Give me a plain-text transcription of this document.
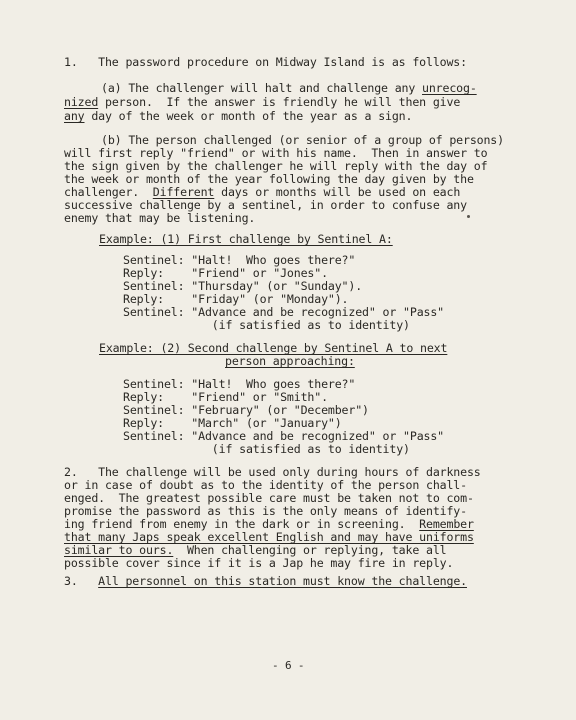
1.   The password procedure on Midway Island is as follows:
(a) The challenger will halt and challenge any unrecog-
nized person.  If the answer is friendly he will then give
any day of the week or month of the year as a sign.
(b) The person challenged (or senior of a group of persons)
will first reply "friend" or with his name.  Then in answer to
the sign given by the challenger he will reply with the day of
the week or month of the year following the day given by the
challenger.  Different days or months will be used on each
successive challenge by a sentinel, in order to confuse any
enemy that may be listening.
Example: (1) First challenge by Sentinel A:
Sentinel: "Halt!  Who goes there?"
Reply:    "Friend" or "Jones".
Sentinel: "Thursday" (or "Sunday").
Reply:    "Friday" (or "Monday").
Sentinel: "Advance and be recognized" or "Pass"
(if satisfied as to identity)
Example: (2) Second challenge by Sentinel A to next
person approaching:
Sentinel: "Halt!  Who goes there?"
Reply:    "Friend" or "Smith".
Sentinel: "February" (or "December")
Reply:    "March" (or "January")
Sentinel: "Advance and be recognized" or "Pass"
(if satisfied as to identity)
2.   The challenge will be used only during hours of darkness
or in case of doubt as to the identity of the person chall-
enged.  The greatest possible care must be taken not to com-
promise the password as this is the only means of identify-
ing friend from enemy in the dark or in screening.  Remember
that many Japs speak excellent English and may have uniforms
similar to ours.  When challenging or replying, take all
possible cover since if it is a Jap he may fire in reply.
3.   All personnel on this station must know the challenge.
- 6 -
